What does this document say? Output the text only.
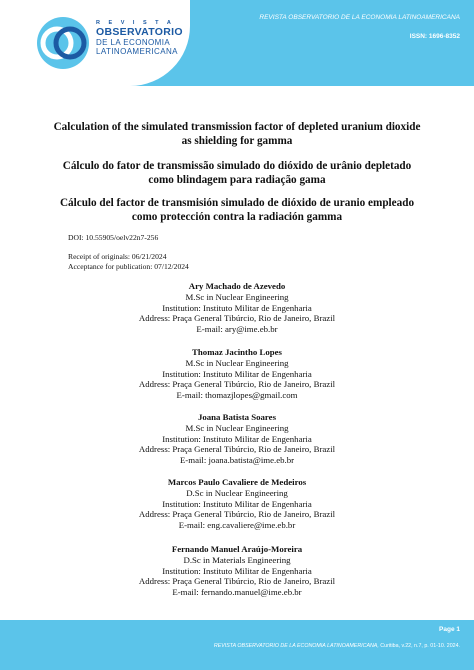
R E V I S T A
OBSERVATORIO
DE LA ECONOMIA
LATINOAMERICANA
REVISTA OBSERVATORIO DE LA ECONOMIA LATINOAMERICANA
ISSN: 1696-8352
Calculation of the simulated transmission factor of depleted uranium dioxide as shielding for gamma
Cálculo do fator de transmissão simulado do dióxido de urânio depletado como blindagem para radiação gama
Cálculo del factor de transmisión simulado de dióxido de uranio empleado como protección contra la radiación gamma
DOI: 10.55905/oelv22n7-256
Receipt of originals: 06/21/2024
Acceptance for publication: 07/12/2024
Ary Machado de Azevedo
M.Sc in Nuclear Engineering
Institution: Instituto Militar de Engenharia
Address: Praça General Tibúrcio, Rio de Janeiro, Brazil
E-mail: ary@ime.eb.br
Thomaz Jacintho Lopes
M.Sc in Nuclear Engineering
Institution: Instituto Militar de Engenharia
Address: Praça General Tibúrcio, Rio de Janeiro, Brazil
E-mail: thomazjlopes@gmail.com
Joana Batista Soares
M.Sc in Nuclear Engineering
Institution: Instituto Militar de Engenharia
Address: Praça General Tibúrcio, Rio de Janeiro, Brazil
E-mail: joana.batista@ime.eb.br
Marcos Paulo Cavaliere de Medeiros
D.Sc in Nuclear Engineering
Institution: Instituto Militar de Engenharia
Address: Praça General Tibúrcio, Rio de Janeiro, Brazil
E-mail: eng.cavaliere@ime.eb.br
Fernando Manuel Araújo-Moreira
D.Sc in Materials Engineering
Institution: Instituto Militar de Engenharia
Address: Praça General Tibúrcio, Rio de Janeiro, Brazil
E-mail: fernando.manuel@ime.eb.br
Page 1
REVISTA OBSERVATORIO DE LA ECONOMIA LATINOAMERICANA, Curitiba, v.22, n.7, p. 01-10. 2024.
